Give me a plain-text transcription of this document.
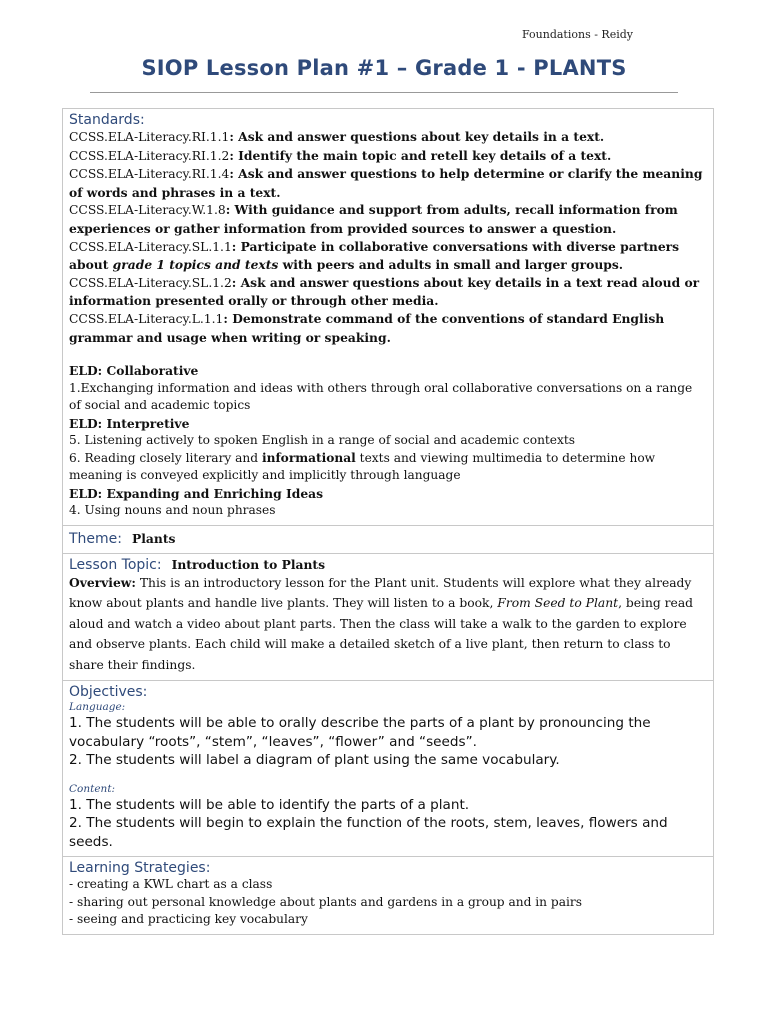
Foundations - Reidy
SIOP Lesson Plan #1 – Grade 1 - PLANTS
Standards:
CCSS.ELA-Literacy.RI.1.1: Ask and answer questions about key details in a text.
CCSS.ELA-Literacy.RI.1.2: Identify the main topic and retell key details of a text.
CCSS.ELA-Literacy.RI.1.4: Ask and answer questions to help determine or clarify the meaning of words and phrases in a text.
CCSS.ELA-Literacy.W.1.8: With guidance and support from adults, recall information from experiences or gather information from provided sources to answer a question.
CCSS.ELA-Literacy.SL.1.1: Participate in collaborative conversations with diverse partners about grade 1 topics and texts with peers and adults in small and larger groups.
CCSS.ELA-Literacy.SL.1.2: Ask and answer questions about key details in a text read aloud or information presented orally or through other media.
CCSS.ELA-Literacy.L.1.1: Demonstrate command of the conventions of standard English grammar and usage when writing or speaking.
ELD: Collaborative
1.Exchanging information and ideas with others through oral collaborative conversations on a range of social and academic topics
ELD: Interpretive
5. Listening actively to spoken English in a range of social and academic contexts
6. Reading closely literary and informational texts and viewing multimedia to determine how meaning is conveyed explicitly and implicitly through language
ELD: Expanding and Enriching Ideas
4. Using nouns and noun phrases
Theme: Plants
Lesson Topic: Introduction to Plants
Overview: This is an introductory lesson for the Plant unit. Students will explore what they already know about plants and handle live plants. They will listen to a book, From Seed to Plant, being read aloud and watch a video about plant parts. Then the class will take a walk to the garden to explore and observe plants. Each child will make a detailed sketch of a live plant, then return to class to share their findings.
Objectives:
Language:
1. The students will be able to orally describe the parts of a plant by pronouncing the vocabulary “roots”, “stem”, “leaves”, “flower” and “seeds”.
2. The students will label a diagram of plant using the same vocabulary.
Content:
1. The students will be able to identify the parts of a plant.
2. The students will begin to explain the function of the roots, stem, leaves, flowers and seeds.
Learning Strategies:
- creating a KWL chart as a class
- sharing out personal knowledge about plants and gardens in a group and in pairs
- seeing and practicing key vocabulary
